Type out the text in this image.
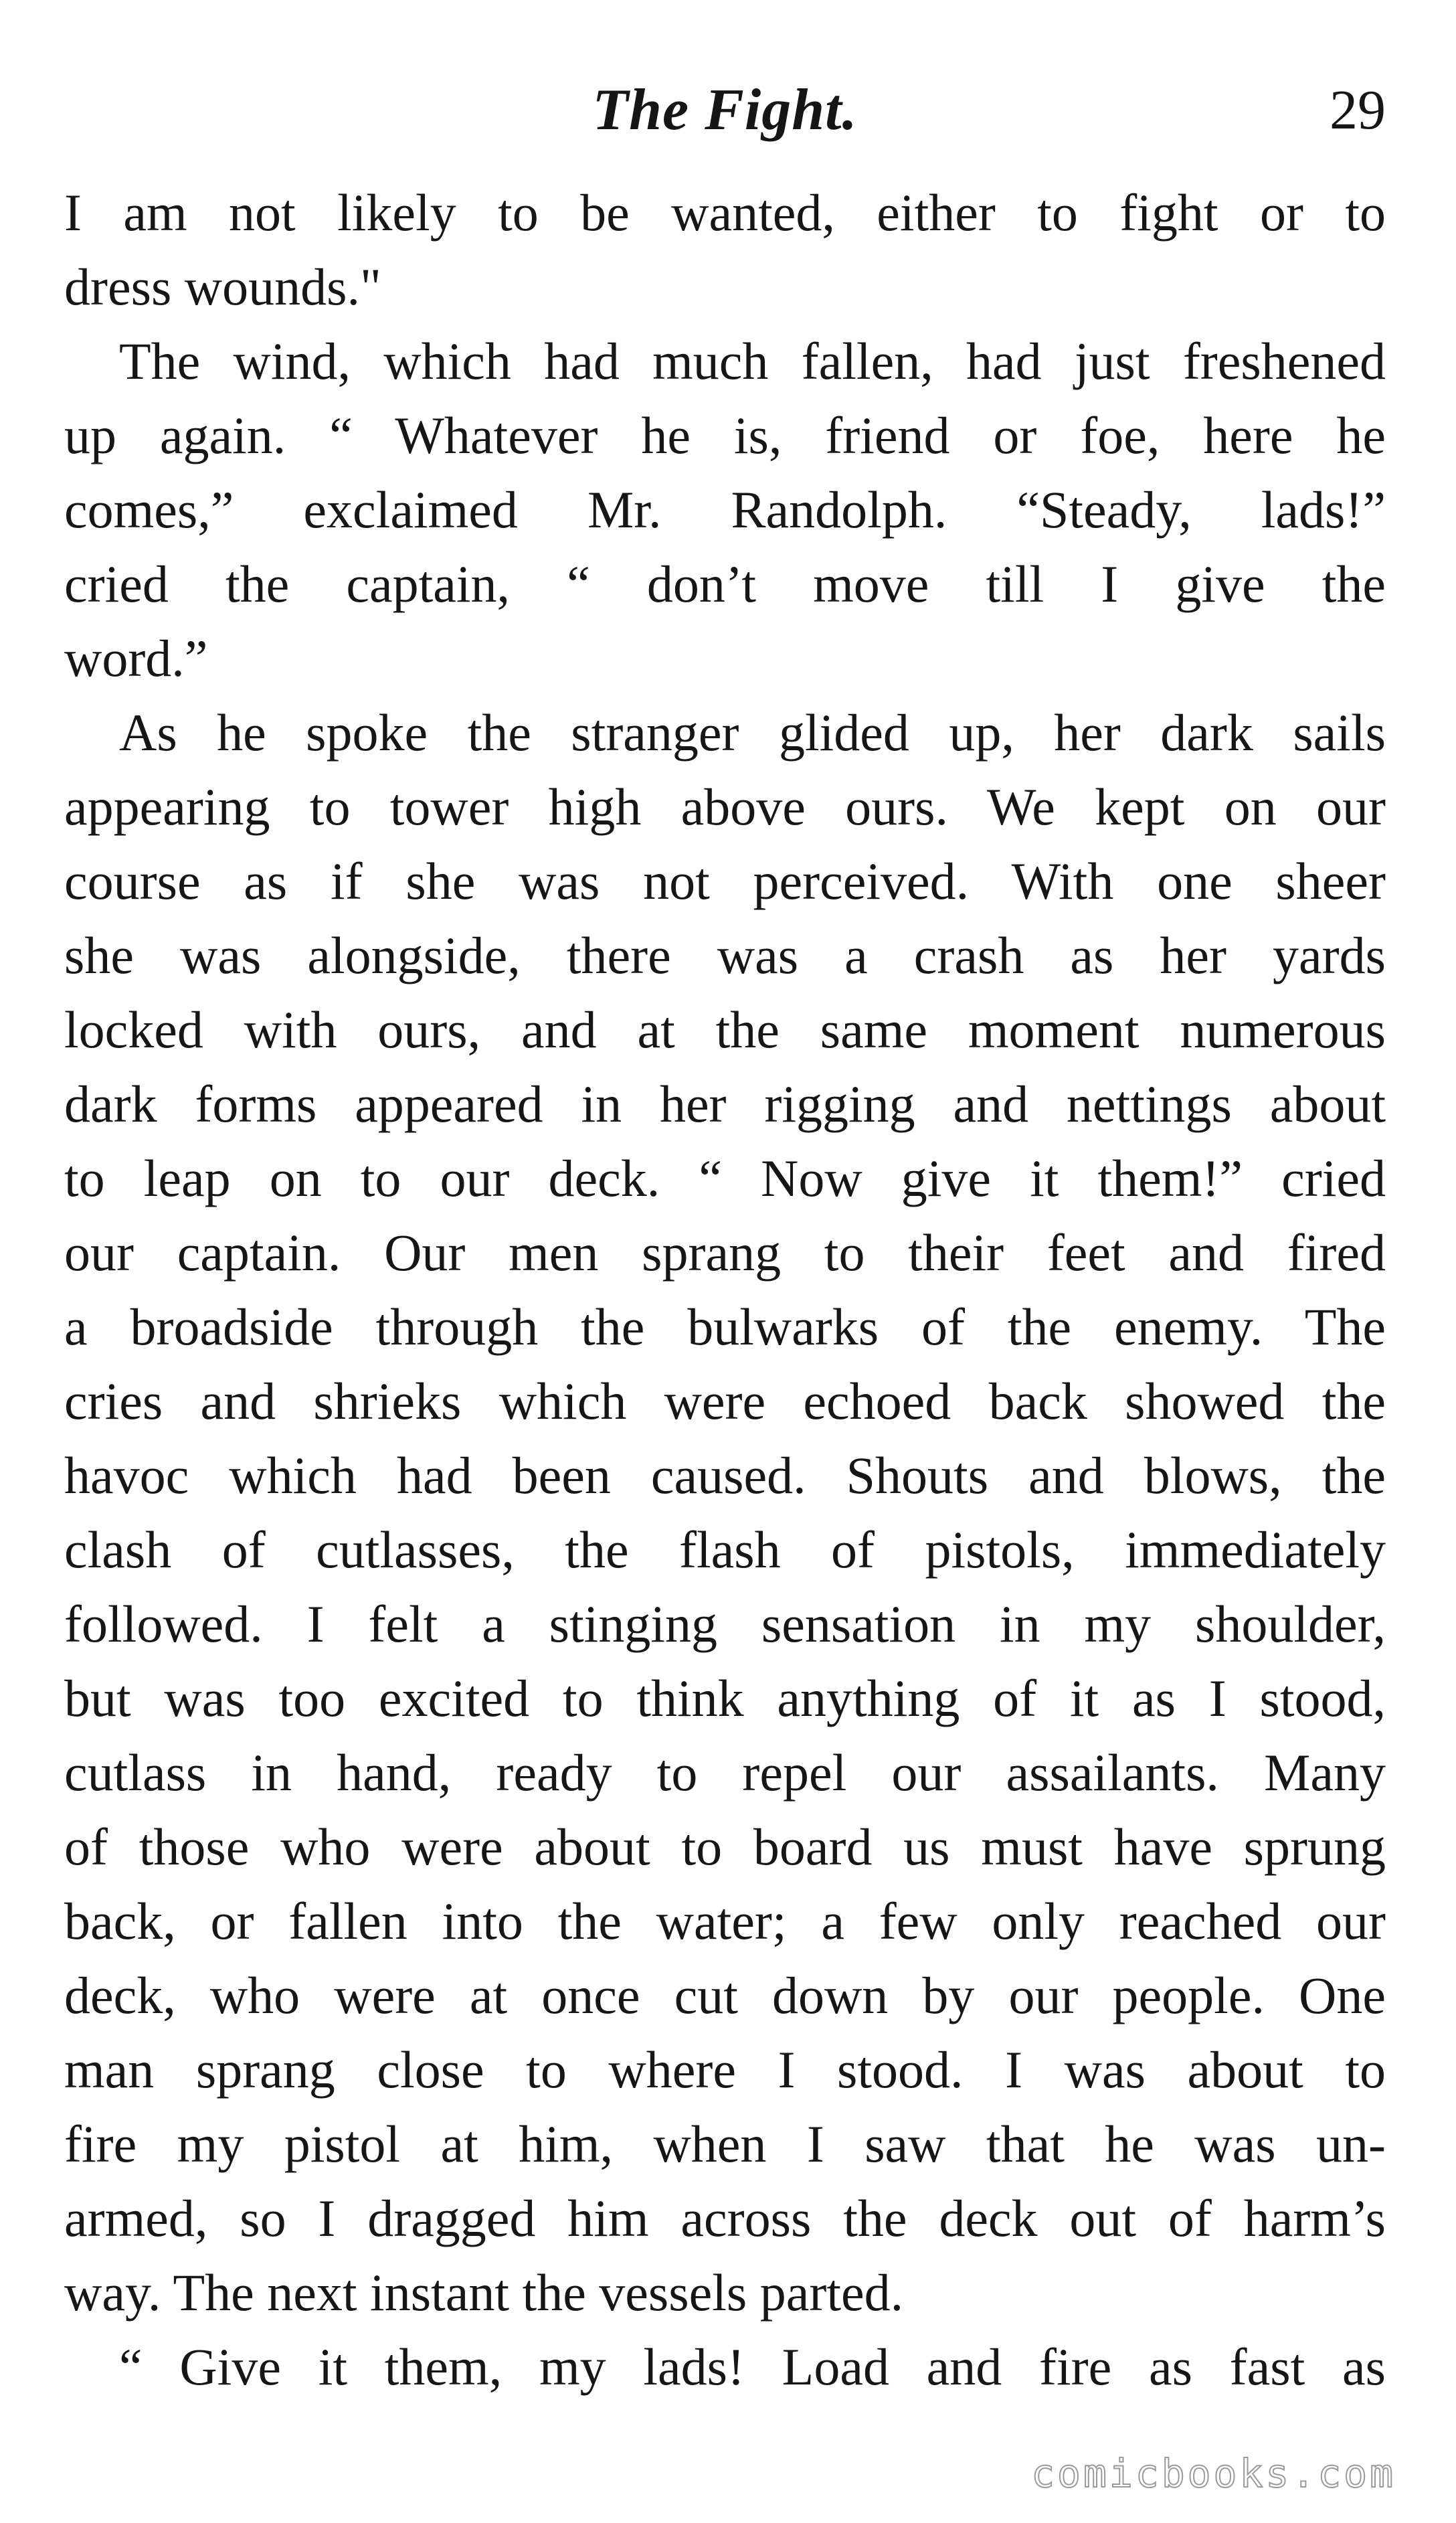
The Fight.	29
I am not likely to be wanted, either to fight or to
dress wounds."
The wind, which had much fallen, had just freshened
up again. “ Whatever he is, friend or foe, here he
comes,” exclaimed Mr. Randolph. “Steady, lads!”
cried the captain, “ don’t move till I give the
word.”
As he spoke the stranger glided up, her dark sails
appearing to tower high above ours. We kept on our
course as if she was not perceived. With one sheer
she was alongside, there was a crash as her yards
locked with ours, and at the same moment numerous
dark forms appeared in her rigging and nettings about
to leap on to our deck. “ Now give it them!” cried
our captain. Our men sprang to their feet and fired
a broadside through the bulwarks of the enemy. The
cries and shrieks which were echoed back showed the
havoc which had been caused. Shouts and blows, the
clash of cutlasses, the flash of pistols, immediately
followed. I felt a stinging sensation in my shoulder,
but was too excited to think anything of it as I stood,
cutlass in hand, ready to repel our assailants. Many
of those who were about to board us must have sprung
back, or fallen into the water; a few only reached our
deck, who were at once cut down by our people. One
man sprang close to where I stood. I was about to
fire my pistol at him, when I saw that he was un-
armed, so I dragged him across the deck out of harm’s
way. The next instant the vessels parted.
“ Give it them, my lads! Load and fire as fast as
comicbooks.com
